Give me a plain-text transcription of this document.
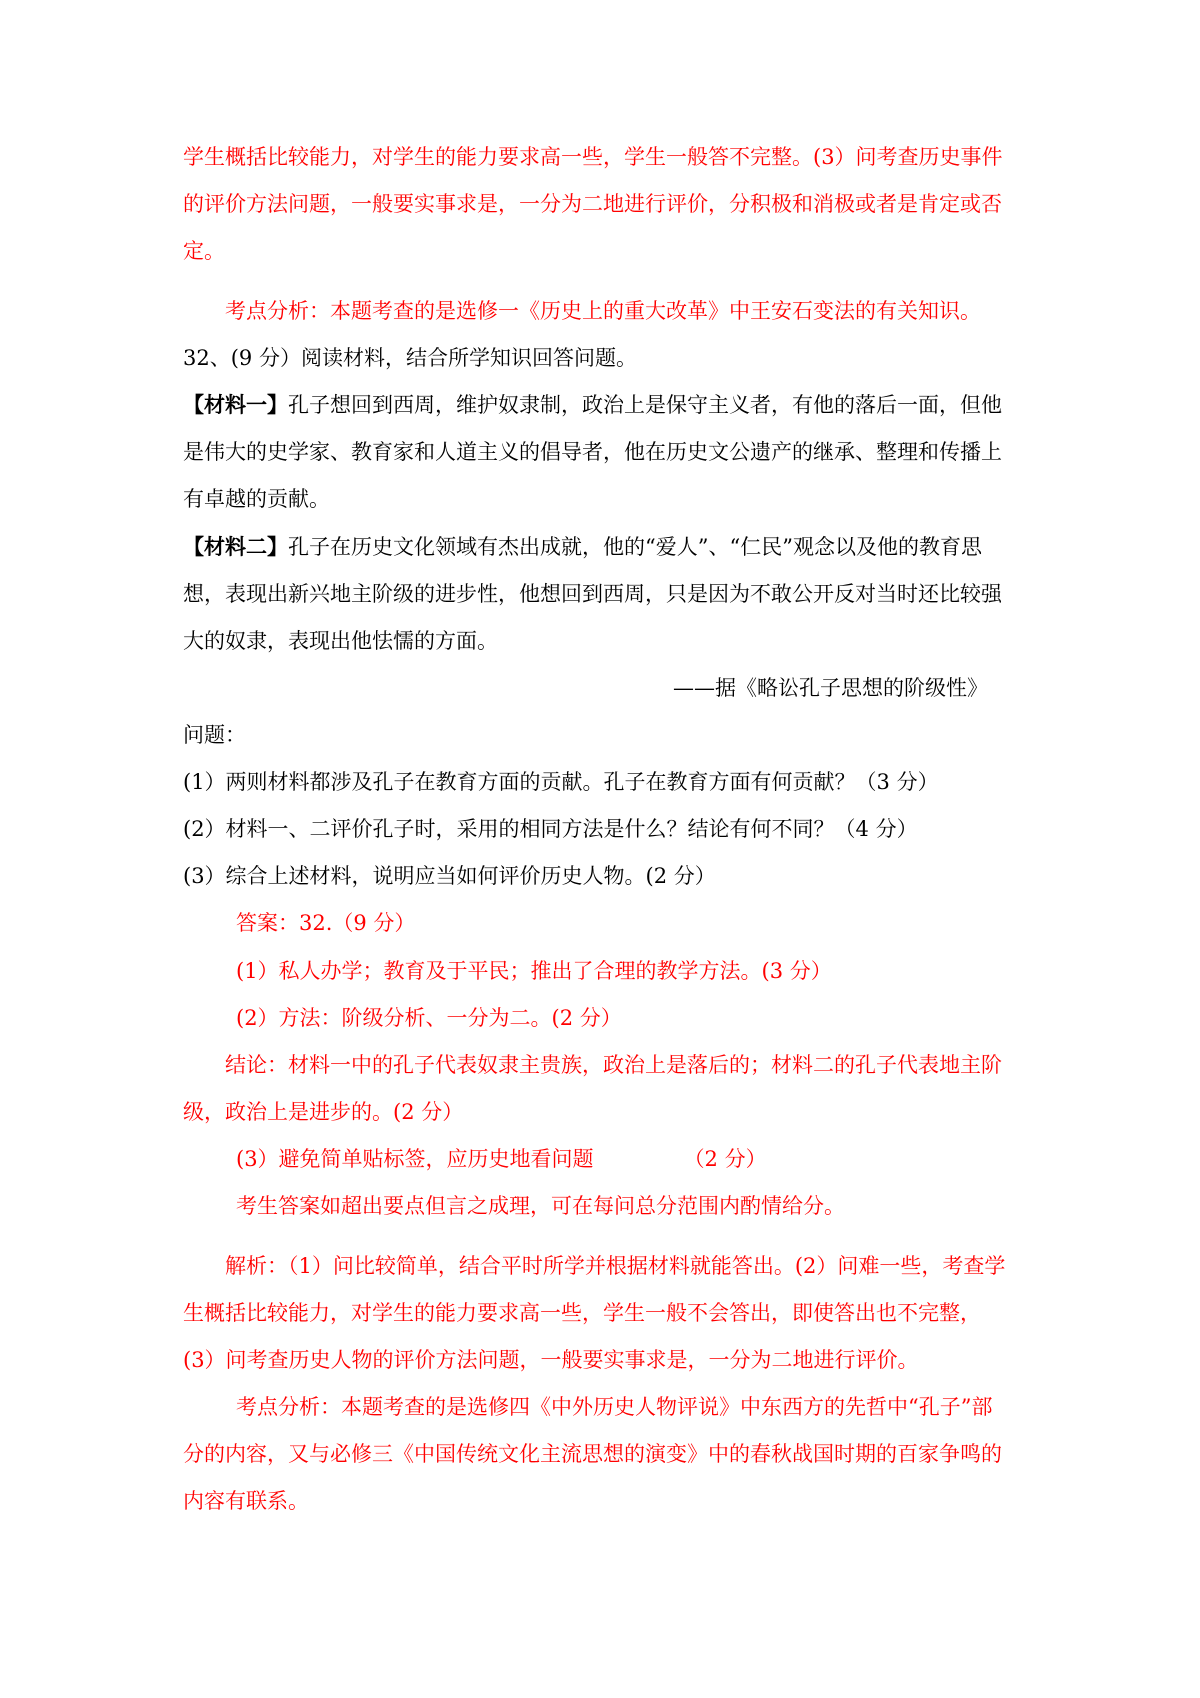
学生概括比较能力，对学生的能力要求高一些，学生一般答不完整。(3）问考查历史事件
的评价方法问题，一般要实事求是，一分为二地进行评价，分积极和消极或者是肯定或否
定。
考点分析：本题考查的是选修一《历史上的重大改革》中王安石变法的有关知识。
32、(9 分）阅读材料，结合所学知识回答问题。
【材料一】孔子想回到西周，维护奴隶制，政治上是保守主义者，有他的落后一面，但他
是伟大的史学家、教育家和人道主义的倡导者，他在历史文公遗产的继承、整理和传播上
有卓越的贡献。
【材料二】孔子在历史文化领域有杰出成就，他的“爱人”、“仁民”观念以及他的教育思
想，表现出新兴地主阶级的进步性，他想回到西周，只是因为不敢公开反对当时还比较强
大的奴隶，表现出他怯懦的方面。
——据《略讼孔子思想的阶级性》
问题：
(1）两则材料都涉及孔子在教育方面的贡献。孔子在教育方面有何贡献？（3 分）
(2）材料一、二评价孔子时，采用的相同方法是什么？结论有何不同？（4 分）
(3）综合上述材料，说明应当如何评价历史人物。(2 分）
答案：32.（9 分）
(1）私人办学；教育及于平民；推出了合理的教学方法。(3 分）
(2）方法：阶级分析、一分为二。(2 分）
结论：材料一中的孔子代表奴隶主贵族，政治上是落后的；材料二的孔子代表地主阶
级，政治上是进步的。(2 分）
(3）避免简单贴标签，应历史地看问题	（2 分）
考生答案如超出要点但言之成理，可在每问总分范围内酌情给分。
解析：（1）问比较简单，结合平时所学并根据材料就能答出。(2）问难一些，考查学
生概括比较能力，对学生的能力要求高一些，学生一般不会答出，即使答出也不完整，
(3）问考查历史人物的评价方法问题，一般要实事求是，一分为二地进行评价。
考点分析：本题考查的是选修四《中外历史人物评说》中东西方的先哲中“孔子”部
分的内容，又与必修三《中国传统文化主流思想的演变》中的春秋战国时期的百家争鸣的
内容有联系。
